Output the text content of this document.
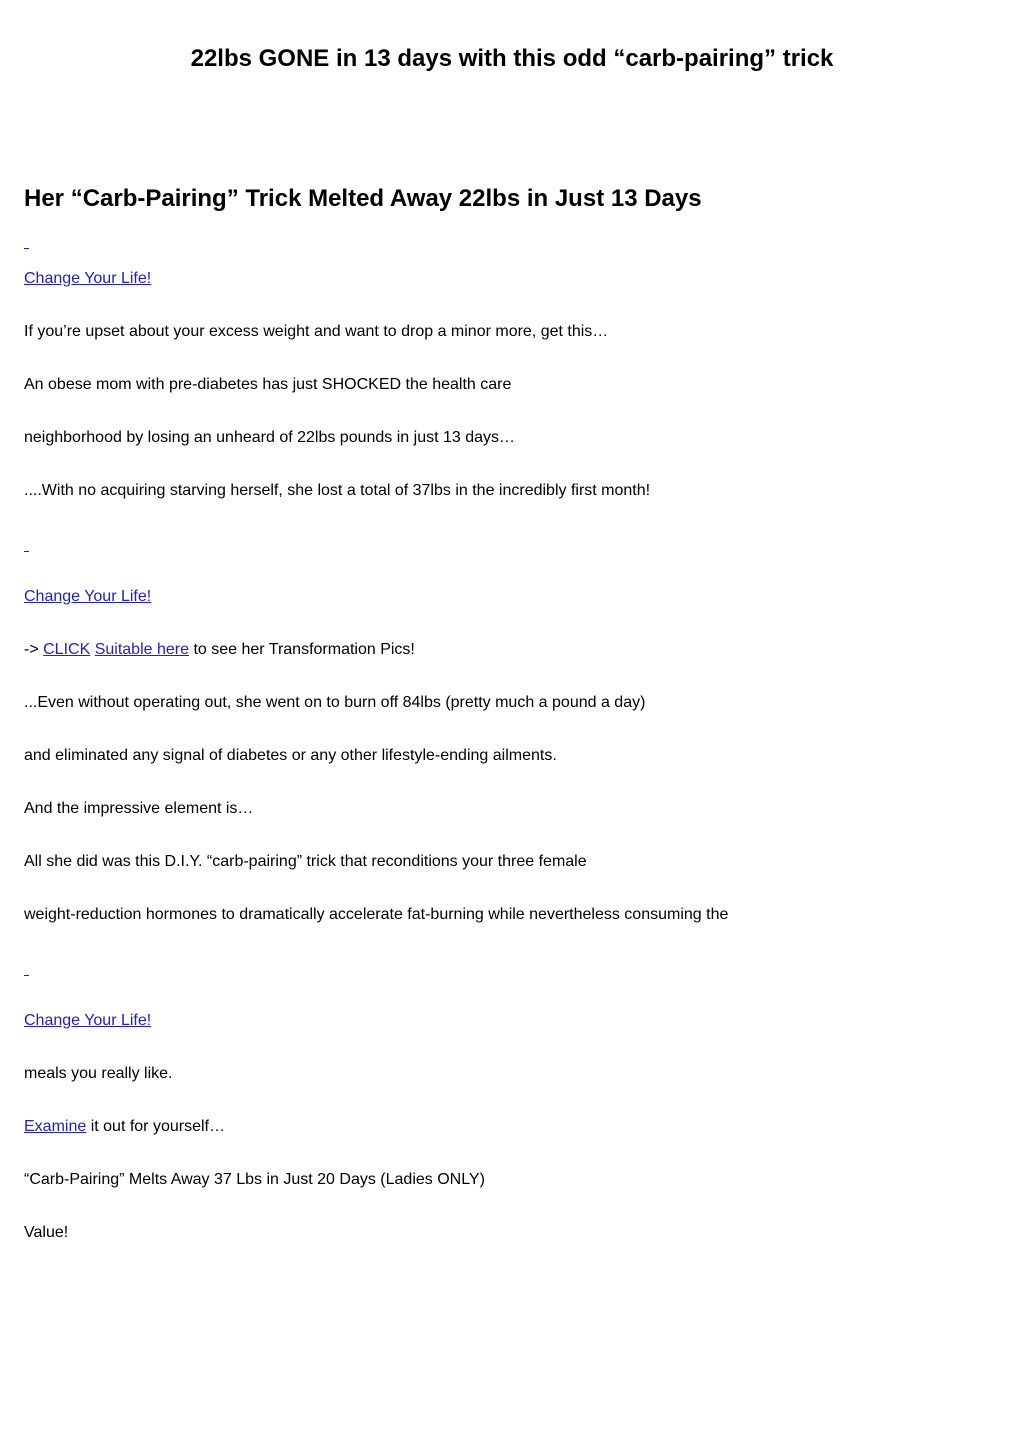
22lbs GONE in 13 days with this odd “carb-pairing” trick
Her “Carb-Pairing” Trick Melted Away 22lbs in Just 13 Days

Change Your Life!

If you’re upset about your excess weight and want to drop a minor more, get this…

An obese mom with pre-diabetes has just SHOCKED the health care

neighborhood by losing an unheard of 22lbs pounds in just 13 days…

....With no acquiring starving herself, she lost a total of 37lbs in the incredibly first month!

Change Your Life!

-> CLICK Suitable here to see her Transformation Pics!

...Even without operating out, she went on to burn off 84lbs (pretty much a pound a day)

and eliminated any signal of diabetes or any other lifestyle-ending ailments.

And the impressive element is…

All she did was this D.I.Y. “carb-pairing” trick that reconditions your three female

weight-reduction hormones to dramatically accelerate fat-burning while nevertheless consuming the

Change Your Life!

meals you really like.

Examine it out for yourself…

“Carb-Pairing” Melts Away 37 Lbs in Just 20 Days (Ladies ONLY)

Value!
